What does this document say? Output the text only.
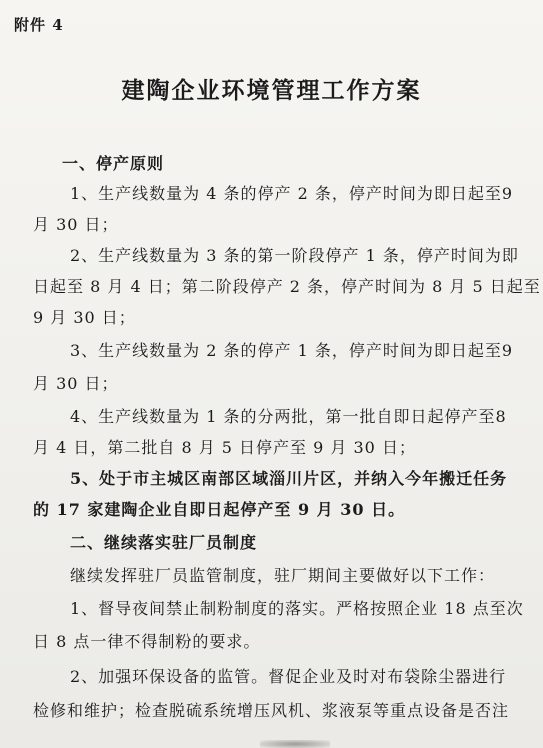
附件 4
建陶企业环境管理工作方案
一、停产原则
1、生产线数量为 4 条的停产 2 条，停产时间为即日起至9
月 30 日；
2、生产线数量为 3 条的第一阶段停产 1 条，停产时间为即
日起至 8 月 4 日；第二阶段停产 2 条，停产时间为 8 月 5 日起至
9 月 30 日；
3、生产线数量为 2 条的停产 1 条，停产时间为即日起至9
月 30 日；
4、生产线数量为 1 条的分两批，第一批自即日起停产至8
月 4 日，第二批自 8 月 5 日停产至 9 月 30 日；
5、处于市主城区南部区域淄川片区，并纳入今年搬迁任务
的 17 家建陶企业自即日起停产至 9 月 30 日。
二、继续落实驻厂员制度
继续发挥驻厂员监管制度，驻厂期间主要做好以下工作：
1、督导夜间禁止制粉制度的落实。严格按照企业 18 点至次
日 8 点一律不得制粉的要求。
2、加强环保设备的监管。督促企业及时对布袋除尘器进行
检修和维护；检查脱硫系统增压风机、浆液泵等重点设备是否注
